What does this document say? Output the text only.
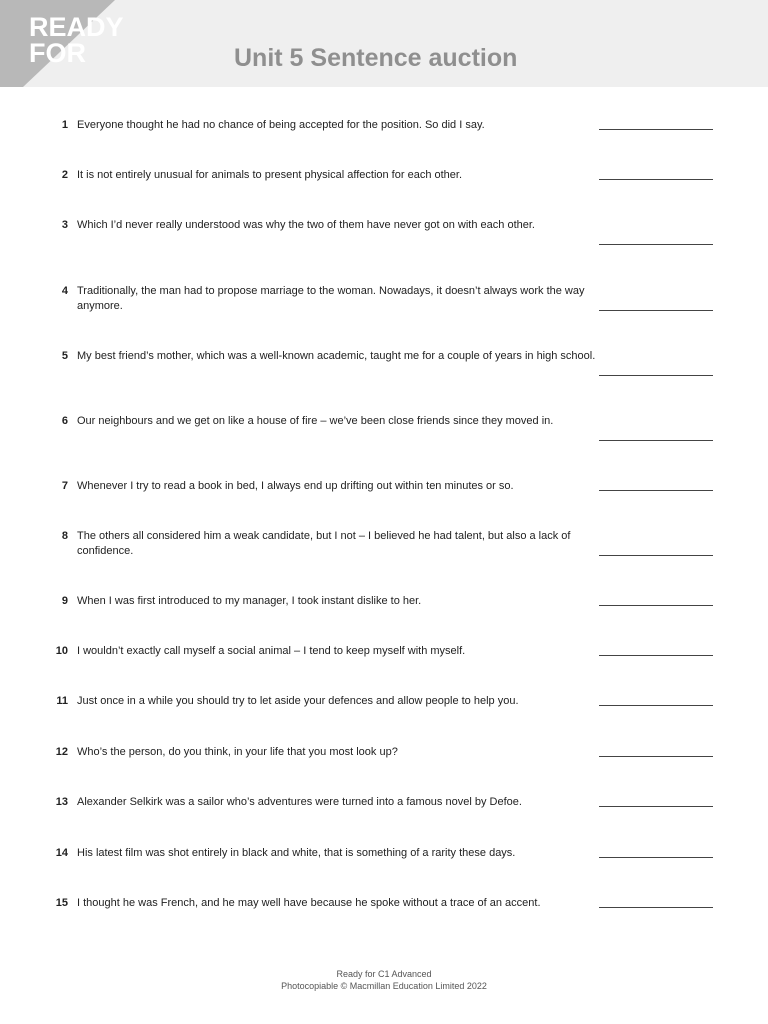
READY
FOR	Unit 5 Sentence auction
1 Everyone thought he had no chance of being accepted for the position. So did I say.
2 It is not entirely unusual for animals to present physical affection for each other.
3 Which I’d never really understood was why the two of them have never got on with each other.
4 Traditionally, the man had to propose marriage to the woman. Nowadays, it doesn’t always work the way anymore.
5 My best friend’s mother, which was a well-known academic, taught me for a couple of years in high school.
6 Our neighbours and we get on like a house of fire – we’ve been close friends since they moved in.
7 Whenever I try to read a book in bed, I always end up drifting out within ten minutes or so.
8 The others all considered him a weak candidate, but I not – I believed he had talent, but also a lack of confidence.
9 When I was first introduced to my manager, I took instant dislike to her.
10 I wouldn’t exactly call myself a social animal – I tend to keep myself with myself.
11 Just once in a while you should try to let aside your defences and allow people to help you.
12 Who’s the person, do you think, in your life that you most look up?
13 Alexander Selkirk was a sailor who’s adventures were turned into a famous novel by Defoe.
14 His latest film was shot entirely in black and white, that is something of a rarity these days.
15 I thought he was French, and he may well have because he spoke without a trace of an accent.
Ready for C1 Advanced
Photocopiable © Macmillan Education Limited 2022
